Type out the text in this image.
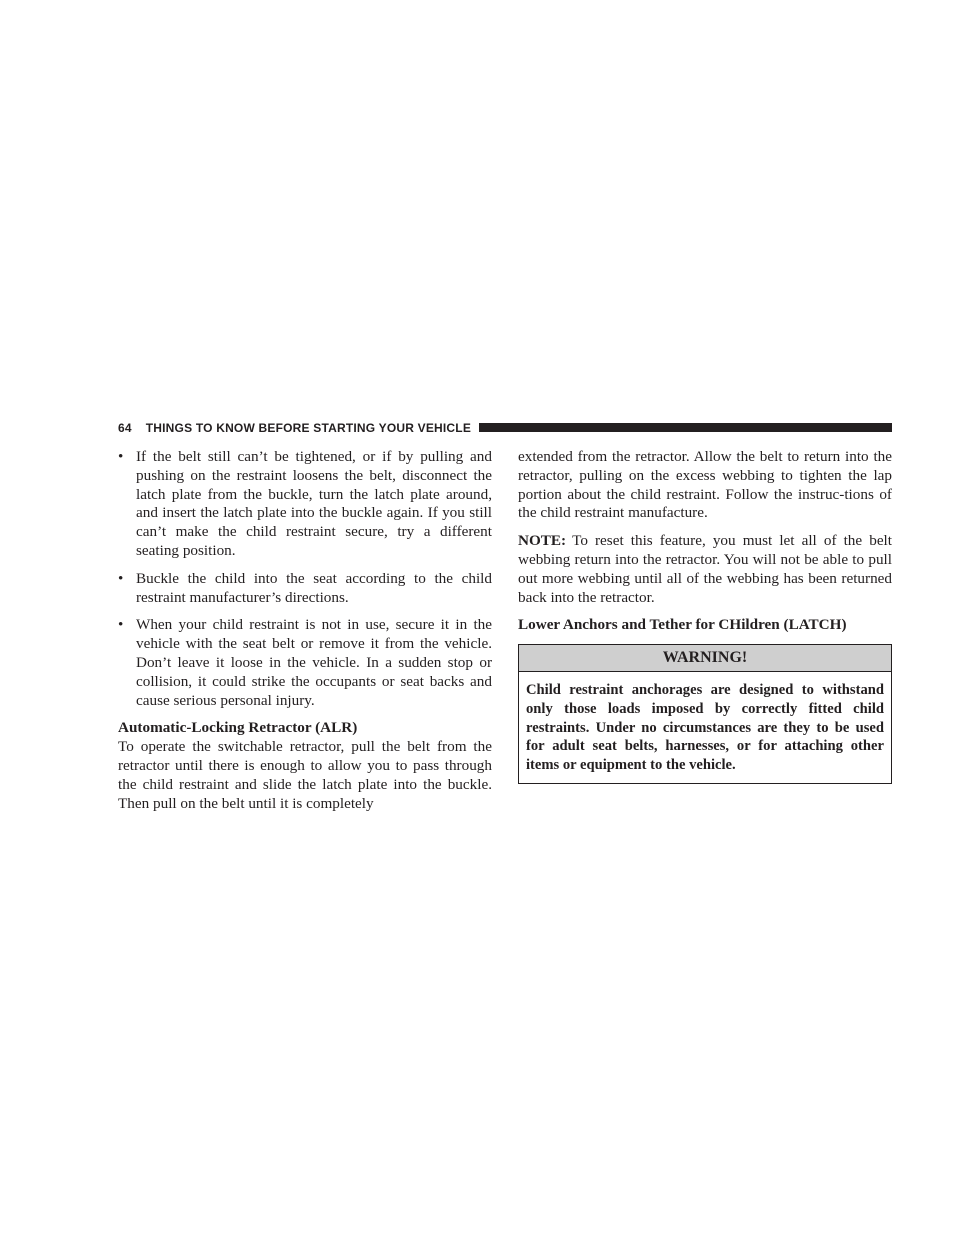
64 THINGS TO KNOW BEFORE STARTING YOUR VEHICLE
• If the belt still can’t be tightened, or if by pulling and pushing on the restraint loosens the belt, disconnect the latch plate from the buckle, turn the latch plate around, and insert the latch plate into the buckle again. If you still can’t make the child restraint secure, try a different seating position.
• Buckle the child into the seat according to the child restraint manufacturer’s directions.
• When your child restraint is not in use, secure it in the vehicle with the seat belt or remove it from the vehicle. Don’t leave it loose in the vehicle. In a sudden stop or collision, it could strike the occupants or seat backs and cause serious personal injury.
Automatic-Locking Retractor (ALR)

To operate the switchable retractor, pull the belt from the retractor until there is enough to allow you to pass through the child restraint and slide the latch plate into the buckle. Then pull on the belt until it is completely

extended from the retractor. Allow the belt to return into the retractor, pulling on the excess webbing to tighten the lap portion about the child restraint. Follow the instruc-tions of the child restraint manufacture.

NOTE: To reset this feature, you must let all of the belt webbing return into the retractor. You will not be able to pull out more webbing until all of the webbing has been returned back into the retractor.

Lower Anchors and Tether for CHildren (LATCH)
WARNING!
Child restraint anchorages are designed to withstand only those loads imposed by correctly fitted child restraints. Under no circumstances are they to be used for adult seat belts, harnesses, or for attaching other items or equipment to the vehicle.
